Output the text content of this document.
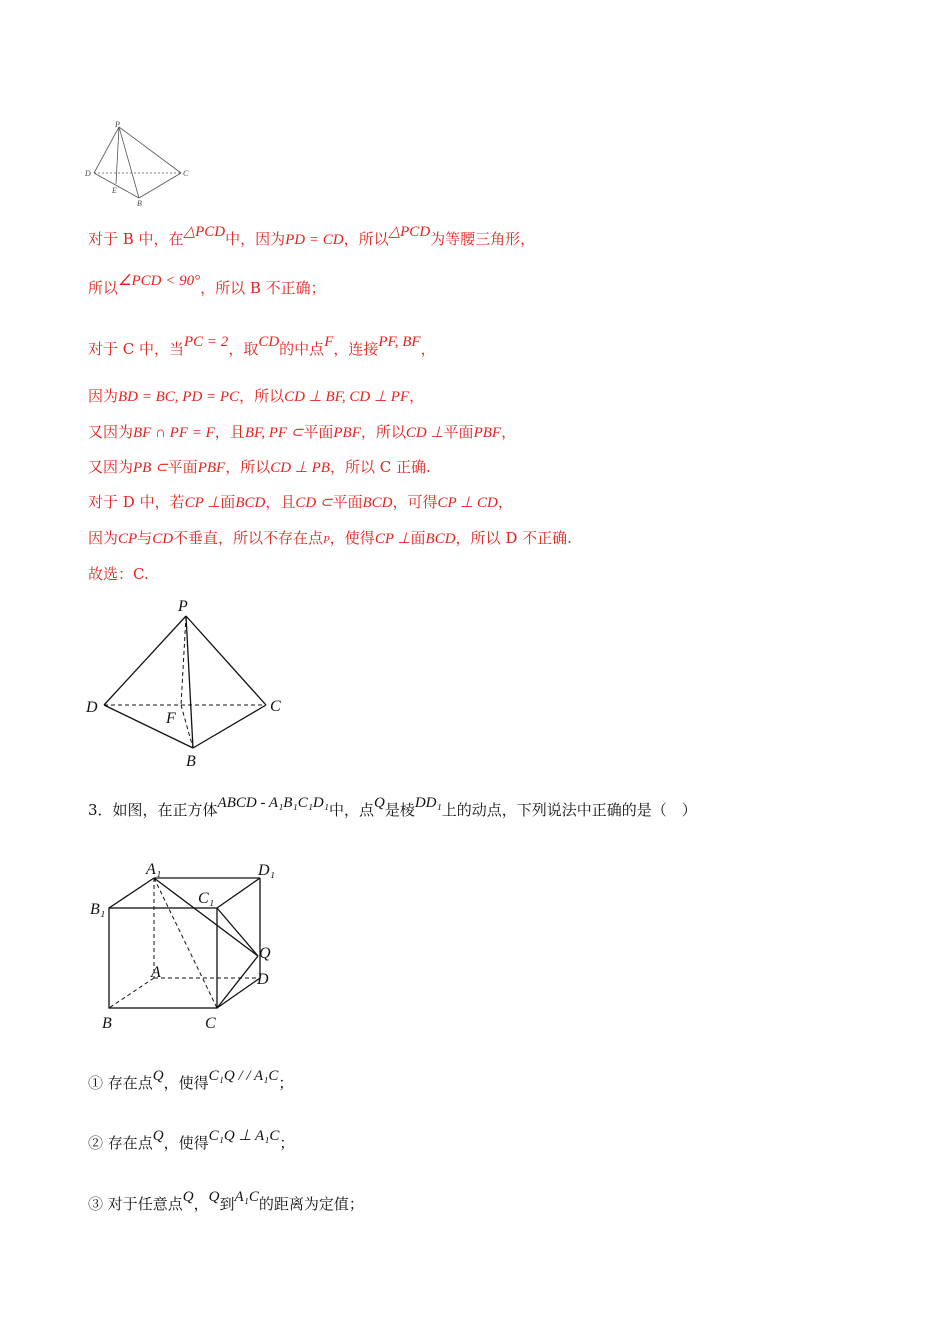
P
D	C
E
B
对于 B 中，在△PCD中，因为PD = CD，所以△PCD为等腰三角形，
所以∠PCD < 90°，所以 B 不正确；
对于 C 中，当PC = 2，取CD的中点F，连接PF, BF，
因为BD = BC, PD = PC，所以CD ⊥ BF, CD ⊥ PF，
又因为BF ∩ PF = F，且BF, PF ⊂平面PBF，所以CD ⊥平面PBF，
又因为PB ⊂平面PBF，所以CD ⊥ PB，所以 C 正确.
对于 D 中，若CP ⊥面BCD，且CD ⊂平面BCD，可得CP ⊥ CD，
因为CP与CD不垂直，所以不存在点P，使得CP ⊥面BCD，所以 D 不正确.
故选：C.
P
D	C
F
B
3．如图，在正方体ABCD - A₁B₁C₁D₁中，点Q是棱DD₁上的动点，下列说法中正确的是（　）
A₁	D₁
B₁
C₁
Q
A	D
B	C
① 存在点Q，使得C₁Q / / A₁C；
② 存在点Q，使得C₁Q ⊥ A₁C；
③ 对于任意点Q，Q到A₁C的距离为定值；
